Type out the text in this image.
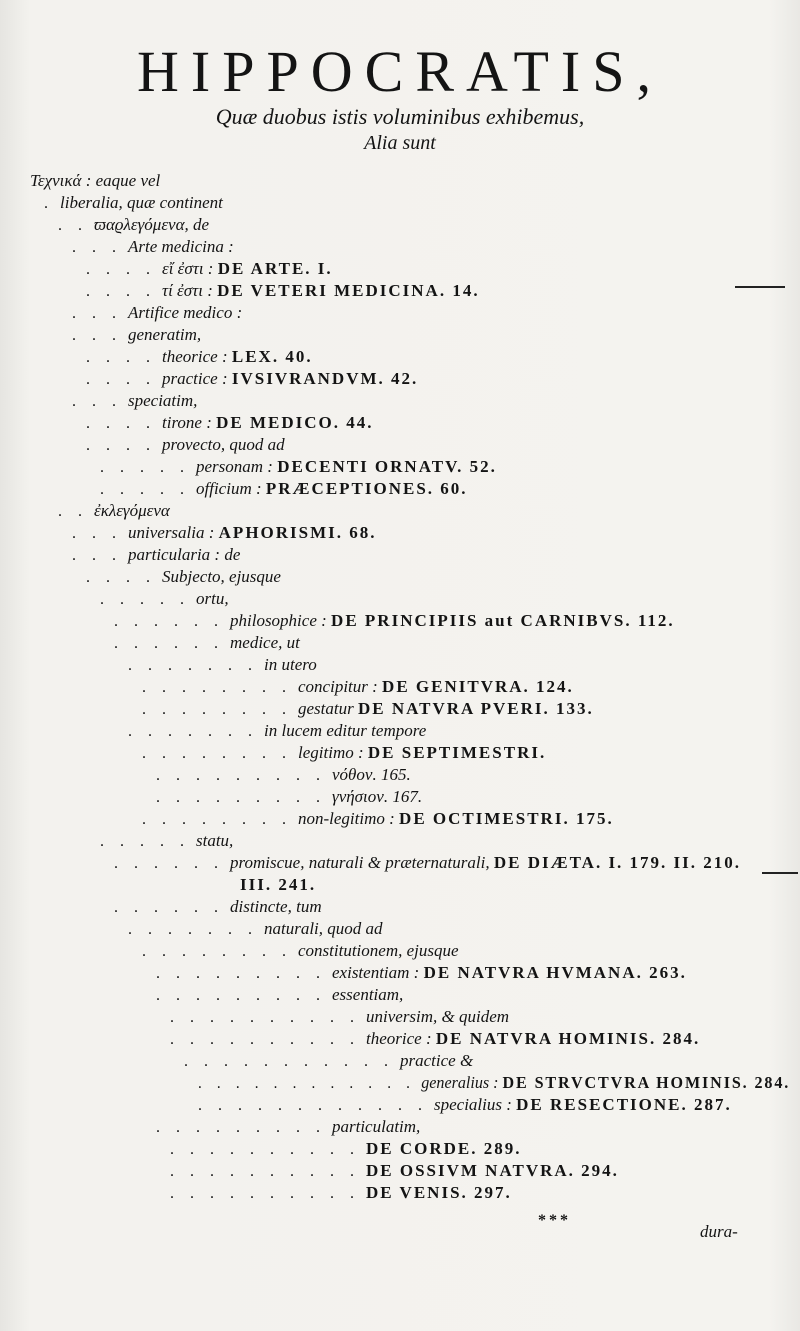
HIPPOCRATIS,
Quæ duobus istis voluminibus exhibemus,
Alia sunt
Τεχνικά : eaque vel
. liberalia, quæ continent
. . ϖαϱλεγόμενα, de
. . . Arte medicina :
. . . . εἴ ἐστι : DE ARTE. I.
. . . . τί ἐστι : DE VETERI MEDICINA. 14.
. . . Artifice medico :
. . . generatim,
. . . . theorice : LEX. 40.
. . . . practice : IVSIVRANDVM. 42.
. . . speciatim,
. . . . tirone : DE MEDICO. 44.
. . . . provecto, quod ad
. . . . . personam : DECENTI ORNATV. 52.
. . . . . officium : PRÆCEPTIONES. 60.
. . ἐκλεγόμενα
. . . universalia : APHORISMI. 68.
. . . particularia : de
. . . . Subjecto, ejusque
. . . . . ortu,
. . . . . . philosophice : DE PRINCIPIIS aut CARNIBVS. 112.
. . . . . . medice, ut
. . . . . . . in utero
. . . . . . . . concipitur : DE GENITVRA. 124.
. . . . . . . . gestatur DE NATVRA PVERI. 133.
. . . . . . . in lucem editur tempore
. . . . . . . . legitimo : DE SEPTIMESTRI.
. . . . . . . . . νόθον. 165.
. . . . . . . . . γνήσιον. 167.
. . . . . . . . non-legitimo : DE OCTIMESTRI. 175.
. . . . . statu,
. . . . . . promiscue, naturali & præternaturali, DE DIÆTA. I. 179. II. 210.
III. 241.
. . . . . . distincte, tum
. . . . . . . naturali, quod ad
. . . . . . . . constitutionem, ejusque
. . . . . . . . . existentiam : DE NATVRA HVMANA. 263.
. . . . . . . . . essentiam,
. . . . . . . . . . universim, & quidem
. . . . . . . . . . theorice : DE NATVRA HOMINIS. 284.
. . . . . . . . . . . practice &
. . . . . . . . . . . . generalius : DE STRVCTVRA HOMINIS. 284.
. . . . . . . . . . . . specialius : DE RESECTIONE. 287.
. . . . . . . . . particulatim,
. . . . . . . . . . DE CORDE. 289.
. . . . . . . . . . DE OSSIVM NATVRA. 294.
. . . . . . . . . . DE VENIS. 297.
***
dura-
